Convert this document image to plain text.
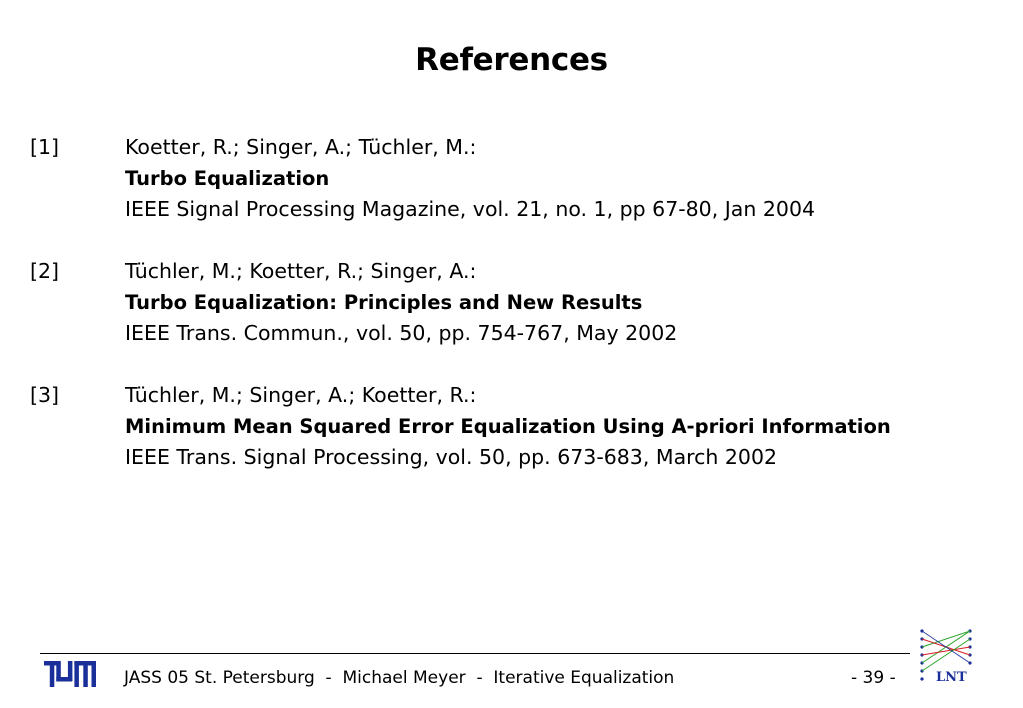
References
[1]	Koetter, R.; Singer, A.; Tüchler, M.:
Turbo Equalization
IEEE Signal Processing Magazine, vol. 21, no. 1, pp 67-80, Jan 2004
[2]	Tüchler, M.; Koetter, R.; Singer, A.:
Turbo Equalization: Principles and New Results
IEEE Trans. Commun., vol. 50, pp. 754-767, May 2002
[3]	Tüchler, M.; Singer, A.; Koetter, R.:
Minimum Mean Squared Error Equalization Using A-priori Information
IEEE Trans. Signal Processing, vol. 50, pp. 673-683, March 2002
JASS 05 St. Petersburg  -  Michael Meyer  -  Iterative Equalization	- 39 -	LNT
